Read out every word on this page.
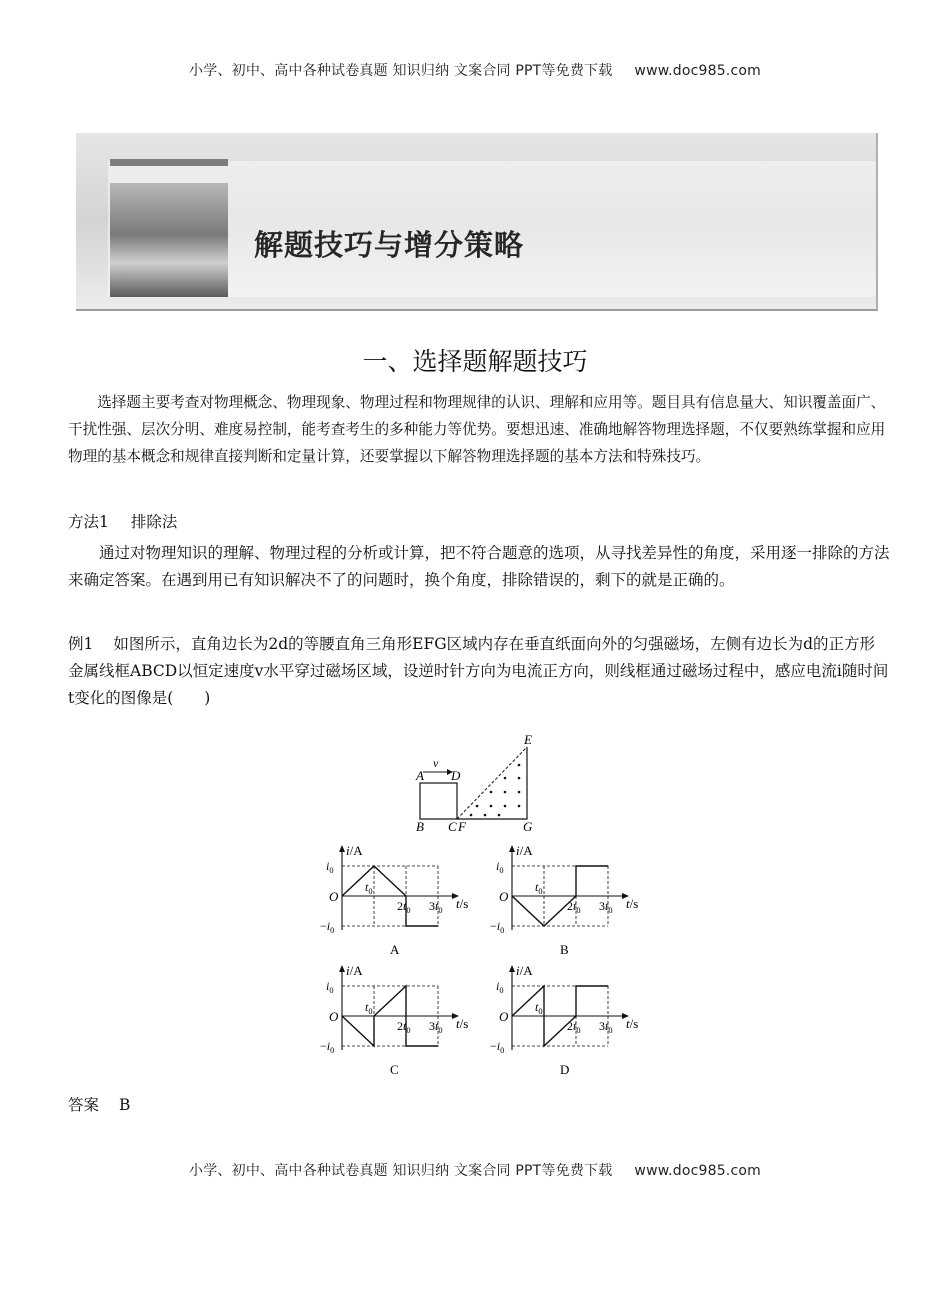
小学、初中、高中各种试卷真题 知识归纳 文案合同 PPT等免费下载 www.doc985.com
解题技巧与增分策略
一、选择题解题技巧
选择题主要考查对物理概念、物理现象、物理过程和物理规律的认识、理解和应用等。题目具有信息量大、知识覆盖面广、干扰性强、层次分明、难度易控制，能考查考生的多种能力等优势。要想迅速、准确地解答物理选择题，不仅要熟练掌握和应用物理的基本概念和规律直接判断和定量计算，还要掌握以下解答物理选择题的基本方法和特殊技巧。
方法1 排除法
通过对物理知识的理解、物理过程的分析或计算，把不符合题意的选项，从寻找差异性的角度，采用逐一排除的方法来确定答案。在遇到用已有知识解决不了的问题时，换个角度，排除错误的，剩下的就是正确的。
例1 如图所示，直角边长为2d的等腰直角三角形EFG区域内存在垂直纸面向外的匀强磁场，左侧有边长为d的正方形金属线框ABCD以恒定速度v水平穿过磁场区域，设逆时针方向为电流正方向，则线框通过磁场过程中，感应电流i随时间t变化的图像是(　　)
v
A D
B C F	G
E
i/A
t/s
O
$i_0$
$-i_0$
$t_0$
$2t_0$ $3t_0$
A
i/A
t/s
O
$i_0$
$-i_0$
$t_0$
$2t_0$ $3t_0$
B
i/A
t/s
O
$i_0$
$-i_0$
$t_0$
$2t_0$ $3t_0$
C
i/A
t/s
O
$i_0$
$-i_0$
$t_0$
$2t_0$ $3t_0$
D
答案 B
小学、初中、高中各种试卷真题 知识归纳 文案合同 PPT等免费下载 www.doc985.com
